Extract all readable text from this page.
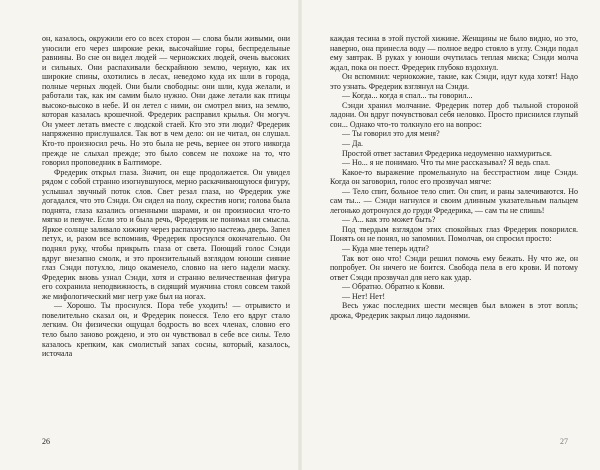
он, казалось, окружили его со всех сторон — слова были живыми, они уносили его через широкие реки, высочайшие горы, беспредельные равнины. Во сне он видел людей — черножских людей, очень высоких и сильных. Они распахивали бескрайнюю землю, черную, как их широкие спины, охотились в лесах, неведомо куда их шли в города, полные черных людей. Они были свободны: они шли, куда желали, и работали так, как им самим было нужно. Они даже летали как птицы высоко-высоко в небе. И он летел с ними, он смотрел вниз, на землю, которая казалась крошечной. Фредерик расправил крылья. Он могуч. Он умеет летать вместе с людской стаей. Кто это эти люди? Фредерик напряженно прислушался. Так вот в чем дело: он не читал, он слушал. Кто-то произносил речь. Но это была не речь, вернее он этого никогда прежде не слыхал прежде; это было совсем не похоже на то, что говорил проповедник в Балтиморе.

Фредерик открыл глаза. Значит, он еще продолжается. Он увидел рядом с собой странно изогнувшуюся, мерно раскачивающуюся фигуру, услышал звучный поток слов. Свет резал глаза, но Фредерик уже догадался, что это Сэнди. Он сидел на полу, скрестив ноги; голова была поднята, глаза казались огненными шарами, и он произносил что-то мягко и певуче. Если это и была речь, Фредерик не понимал ни смысла. Яркое солнце заливало хижину через распахнутую настежь дверь. Запел петух, и, разом все вспомнив, Фредерик проснулся окончательно. Он поднял руку, чтобы прикрыть глаза от света. Поющий голос Сэнди вдруг внезапно смолк, и это пронзительный взглядом юноши сияние глаз Сэнди потухло, лицо окаменело, словно на него надели маску. Фредерик вновь узнал Сэнди, хотя и странно величественная фигура его сохранила неподвижность, в сидящий мужчина стоял совсем такой же мифологический миг негр уже был на ногах.

— Хорошо. Ты проснулся. Пора тебе уходить! — отрывисто и повелительно сказал он, и Фредерик понесся. Тело его вдруг стало легким. Он физически ощущал бодрость во всех членах, словно его тело было заново рождено, и это он чувствовал в себе все силы. Тело казалось крепким, как смолистый запах сосны, который, казалось, источала

каждая тесина в этой пустой хижине. Женщины не было видно, но это, наверно, она принесла воду — полное ведро стояло в углу. Сэнди подал ему завтрак. В руках у юноши очутилась теплая миска; Сэнди молча ждал, пока он поест. Фредерик глубоко вздохнул.

Он вспомнил: чернокожие, такие, как Сэнди, идут куда хотят! Надо это узнать. Фредерик взглянул на Сэнди.

— Когда... когда я спал... ты говорил...

Сэнди хранил молчание. Фредерик потер доб тыльной стороной ладони. Он вдруг почувствовал себя неловко. Просто приснился глупый сон... Однако что-то толкнуло его на вопрос:

— Ты говорил это для меня?

— Да.

Простой ответ заставил Фредерика недоуменно нахмуриться.

— Но... я не понимаю. Что ты мне рассказывал? Я ведь спал.

Какое-то выражение промелькнуло на бесстрастном лице Сэнди. Когда он заговорил, голос его прозвучал мягче:

— Тело спит, больное тело спит. Он спит, и раны залечиваются. Но сам ты... — Сэнди нагнулся и своим длинным указательным пальцем легонько дотронулся до груди Фредерика, — сам ты не спишь!

— А... как это может быть?

Под твердым взглядом этих спокойных глаз Фредерик покорился. Понять он не понял, но запомнил. Помолчав, он спросил просто:

— Куда мне теперь идти?

Так вот оно что! Сэнди решил помочь ему бежать. Ну что же, он попробует. Он ничего не боится. Свобода пела в его крови. И потому ответ Сэнди прозвучал для него как удар.

— Обратно. Обратно к Ковви.

— Нет! Нет!

Весь ужас последних шести месяцев был вложен в этот вопль; дрожа, Фредерик закрыл лицо ладонями.

26	27
